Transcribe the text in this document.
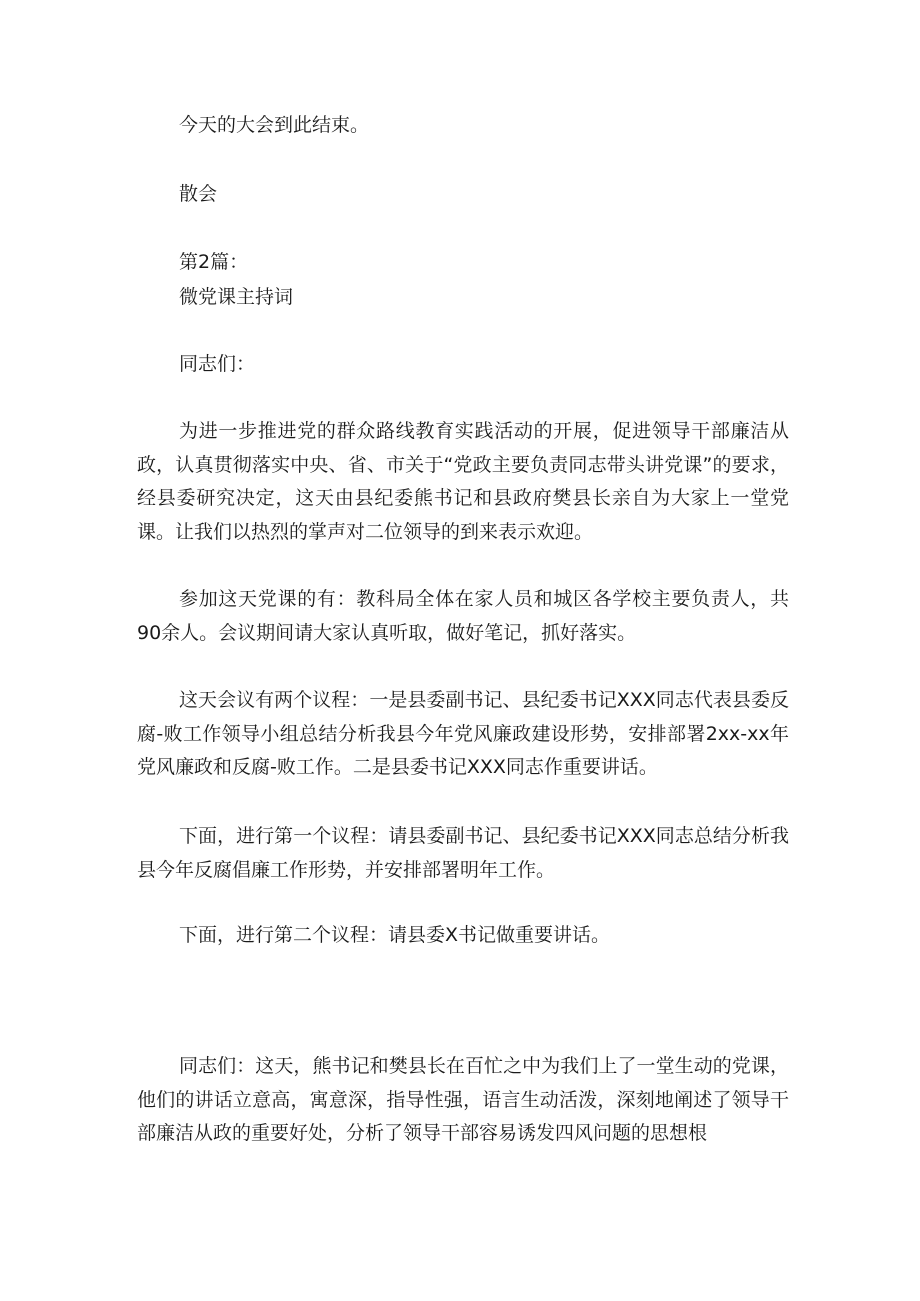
今天的大会到此结束。
散会
第2篇：
微党课主持词
同志们：
为进一步推进党的群众路线教育实践活动的开展，促进领导干部廉洁从政，认真贯彻落实中央、省、市关于“党政主要负责同志带头讲党课”的要求，经县委研究决定，这天由县纪委熊书记和县政府樊县长亲自为大家上一堂党课。让我们以热烈的掌声对二位领导的到来表示欢迎。
参加这天党课的有：教科局全体在家人员和城区各学校主要负责人，共90余人。会议期间请大家认真听取，做好笔记，抓好落实。
这天会议有两个议程：一是县委副书记、县纪委书记XXX同志代表县委反腐-败工作领导小组总结分析我县今年党风廉政建设形势，安排部署2xx-xx年党风廉政和反腐-败工作。二是县委书记XXX同志作重要讲话。
下面，进行第一个议程：请县委副书记、县纪委书记XXX同志总结分析我县今年反腐倡廉工作形势，并安排部署明年工作。
下面，进行第二个议程：请县委X书记做重要讲话。
同志们：这天，熊书记和樊县长在百忙之中为我们上了一堂生动的党课，他们的讲话立意高，寓意深，指导性强，语言生动活泼，深刻地阐述了领导干部廉洁从政的重要好处，分析了领导干部容易诱发四风问题的思想根
